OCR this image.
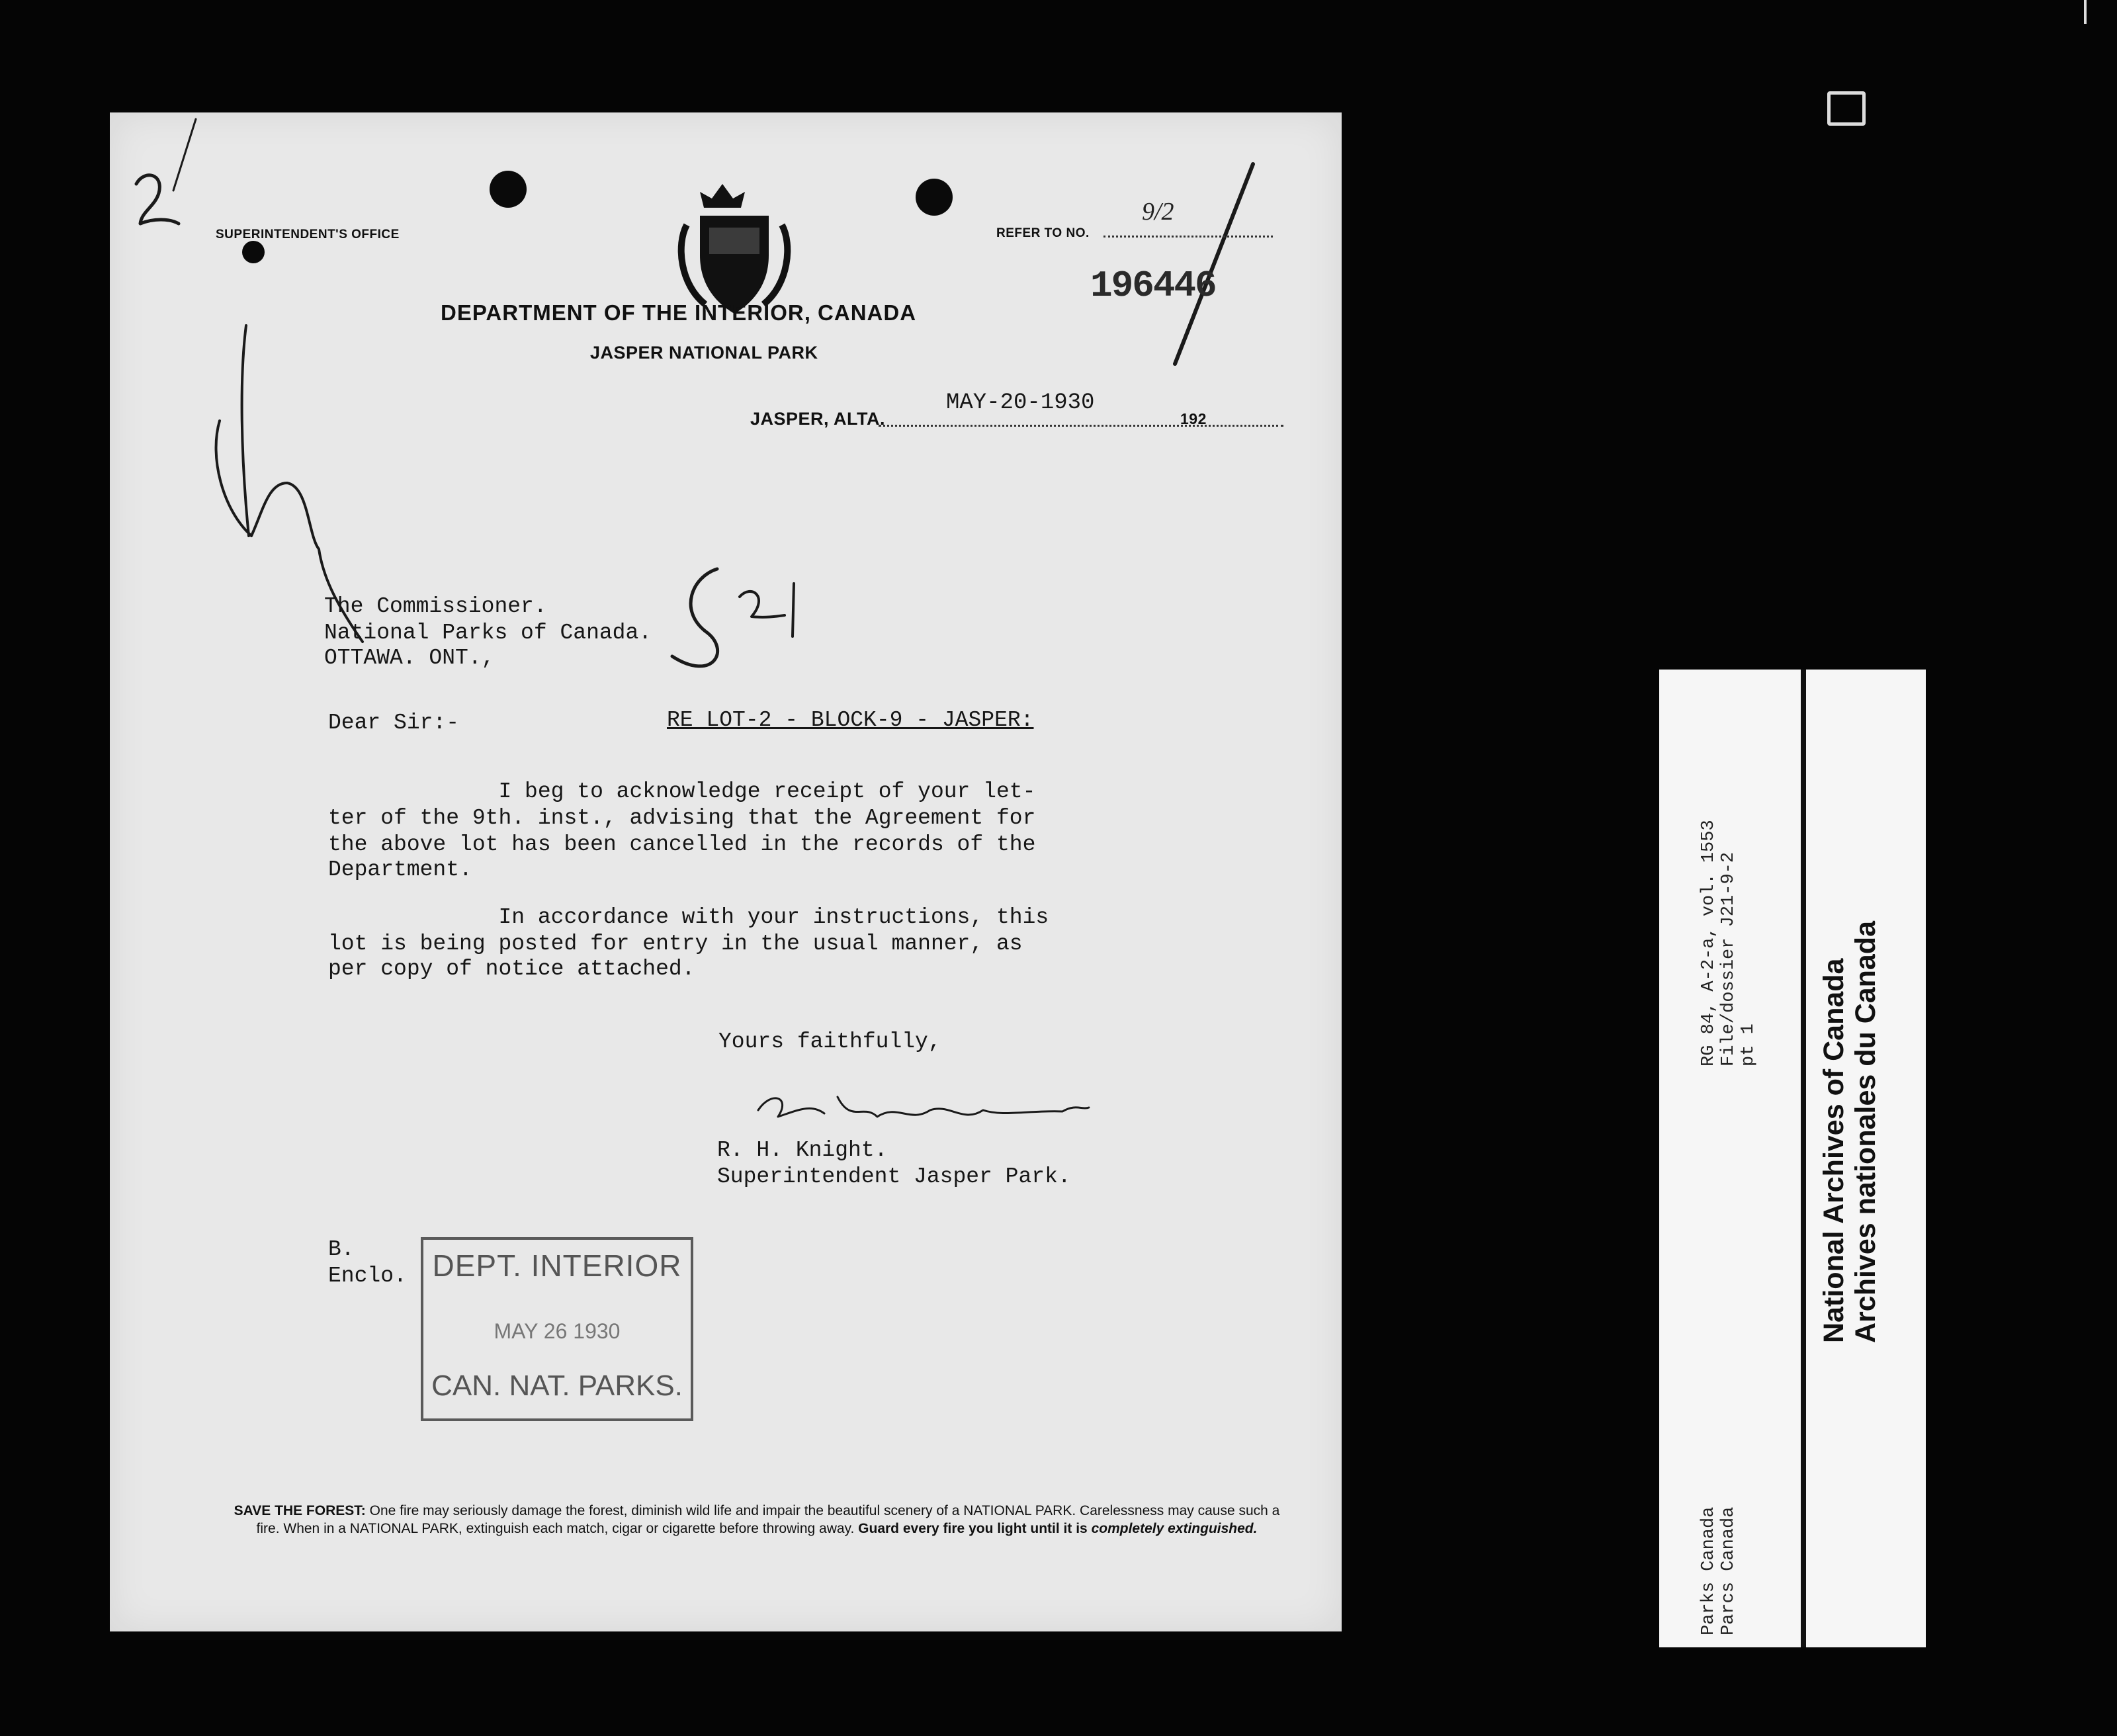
SUPERINTENDENT'S OFFICE	REFER TO NO.
9/2
196446
DEPARTMENT OF THE INTERIOR, CANADA
JASPER NATIONAL PARK
JASPER, ALTA.
MAY-20-1930
192
The Commissioner.
National Parks of Canada.
OTTAWA. ONT.,
Dear Sir:-	RE LOT-2 - BLOCK-9 - JASPER:
I beg to acknowledge receipt of your let-
ter of the 9th. inst., advising that the Agreement for
the above lot has been cancelled in the records of the
Department.
In accordance with your instructions, this
lot is being posted for entry in the usual manner, as
per copy of notice attached.
Yours faithfully,
R. H. Knight.
Superintendent Jasper Park.
B.
Enclo. DEPT. INTERIOR
MAY 26 1930
CAN. NAT. PARKS.
SAVE THE FOREST: One fire may seriously damage the forest, diminish wild life and impair the beautiful scenery of a NATIONAL PARK. Carelessness may cause such a fire. When in a NATIONAL PARK, extinguish each match, cigar or cigarette before throwing away. Guard every fire you light until it is completely extinguished.
RG 84, A-2-a, vol. 1553 File/dossier J21-9-2 pt 1
Parks Canada Parcs Canada
National Archives of Canada Archives nationales du Canada
